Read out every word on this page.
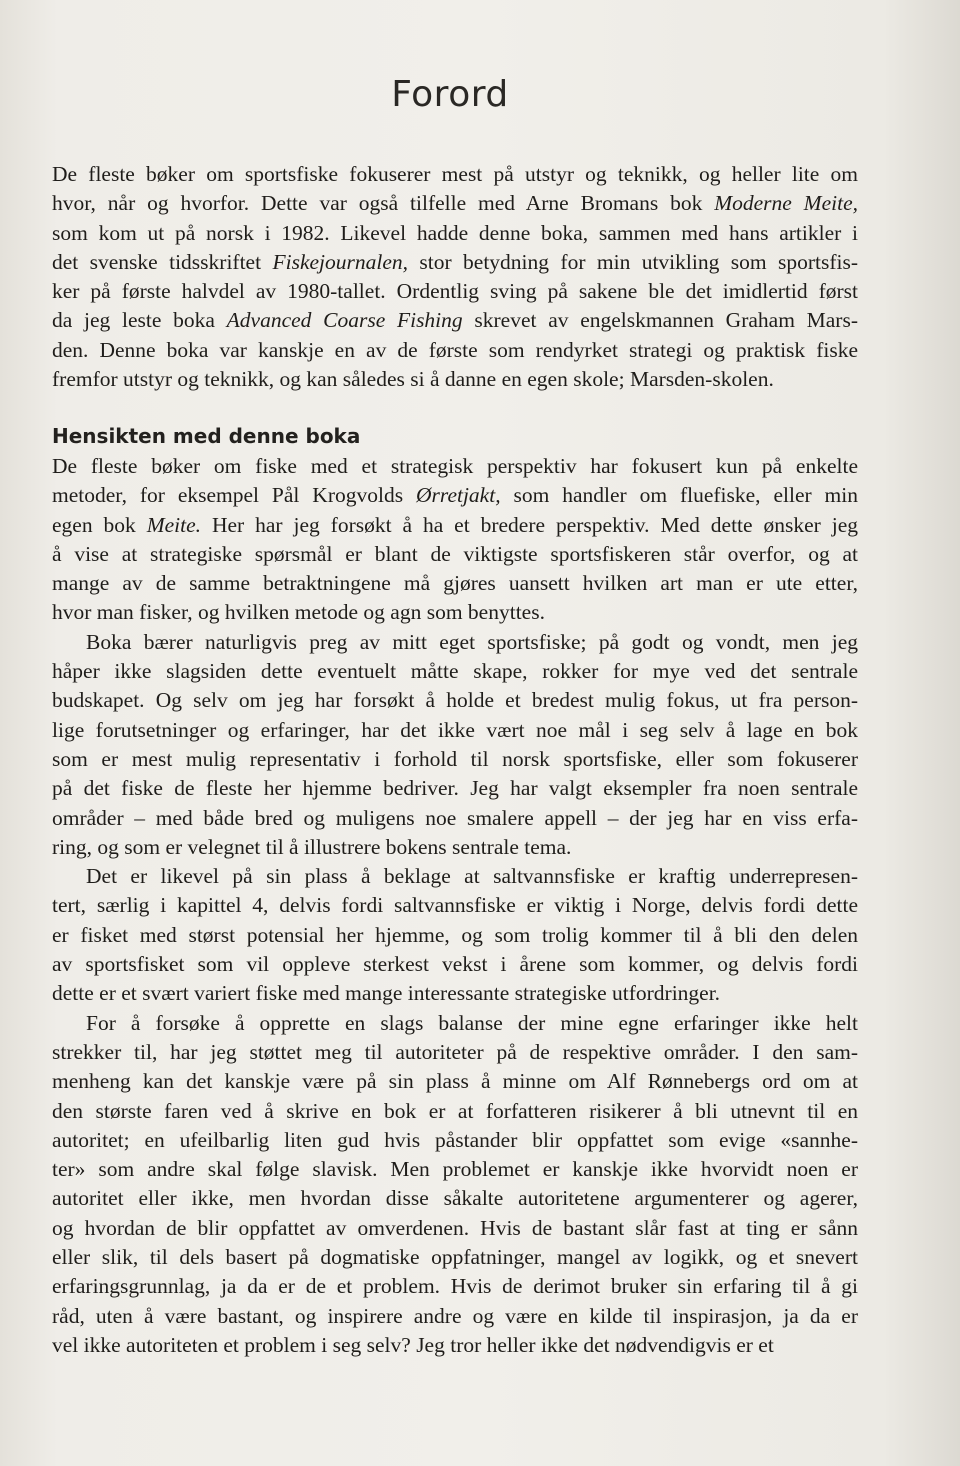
Forord
De fleste bøker om sportsfiske fokuserer mest på utstyr og teknikk, og heller lite om
hvor, når og hvorfor. Dette var også tilfelle med Arne Bromans bok Moderne Meite,
som kom ut på norsk i 1982. Likevel hadde denne boka, sammen med hans artikler i
det svenske tidsskriftet Fiskejournalen, stor betydning for min utvikling som sportsfis-
ker på første halvdel av 1980-tallet. Ordentlig sving på sakene ble det imidlertid først
da jeg leste boka Advanced Coarse Fishing skrevet av engelskmannen Graham Mars-
den. Denne boka var kanskje en av de første som rendyrket strategi og praktisk fiske
fremfor utstyr og teknikk, og kan således si å danne en egen skole; Marsden-skolen.
Hensikten med denne boka
De fleste bøker om fiske med et strategisk perspektiv har fokusert kun på enkelte
metoder, for eksempel Pål Krogvolds Ørretjakt, som handler om fluefiske, eller min
egen bok Meite. Her har jeg forsøkt å ha et bredere perspektiv. Med dette ønsker jeg
å vise at strategiske spørsmål er blant de viktigste sportsfiskeren står overfor, og at
mange av de samme betraktningene må gjøres uansett hvilken art man er ute etter,
hvor man fisker, og hvilken metode og agn som benyttes.
Boka bærer naturligvis preg av mitt eget sportsfiske; på godt og vondt, men jeg
håper ikke slagsiden dette eventuelt måtte skape, rokker for mye ved det sentrale
budskapet. Og selv om jeg har forsøkt å holde et bredest mulig fokus, ut fra person-
lige forutsetninger og erfaringer, har det ikke vært noe mål i seg selv å lage en bok
som er mest mulig representativ i forhold til norsk sportsfiske, eller som fokuserer
på det fiske de fleste her hjemme bedriver. Jeg har valgt eksempler fra noen sentrale
områder – med både bred og muligens noe smalere appell – der jeg har en viss erfa-
ring, og som er velegnet til å illustrere bokens sentrale tema.
Det er likevel på sin plass å beklage at saltvannsfiske er kraftig underrepresen-
tert, særlig i kapittel 4, delvis fordi saltvannsfiske er viktig i Norge, delvis fordi dette
er fisket med størst potensial her hjemme, og som trolig kommer til å bli den delen
av sportsfisket som vil oppleve sterkest vekst i årene som kommer, og delvis fordi
dette er et svært variert fiske med mange interessante strategiske utfordringer.
For å forsøke å opprette en slags balanse der mine egne erfaringer ikke helt
strekker til, har jeg støttet meg til autoriteter på de respektive områder. I den sam-
menheng kan det kanskje være på sin plass å minne om Alf Rønnebergs ord om at
den største faren ved å skrive en bok er at forfatteren risikerer å bli utnevnt til en
autoritet; en ufeilbarlig liten gud hvis påstander blir oppfattet som evige «sannhe-
ter» som andre skal følge slavisk. Men problemet er kanskje ikke hvorvidt noen er
autoritet eller ikke, men hvordan disse såkalte autoritetene argumenterer og agerer,
og hvordan de blir oppfattet av omverdenen. Hvis de bastant slår fast at ting er sånn
eller slik, til dels basert på dogmatiske oppfatninger, mangel av logikk, og et snevert
erfaringsgrunnlag, ja da er de et problem. Hvis de derimot bruker sin erfaring til å gi
råd, uten å være bastant, og inspirere andre og være en kilde til inspirasjon, ja da er
vel ikke autoriteten et problem i seg selv? Jeg tror heller ikke det nødvendigvis er et
